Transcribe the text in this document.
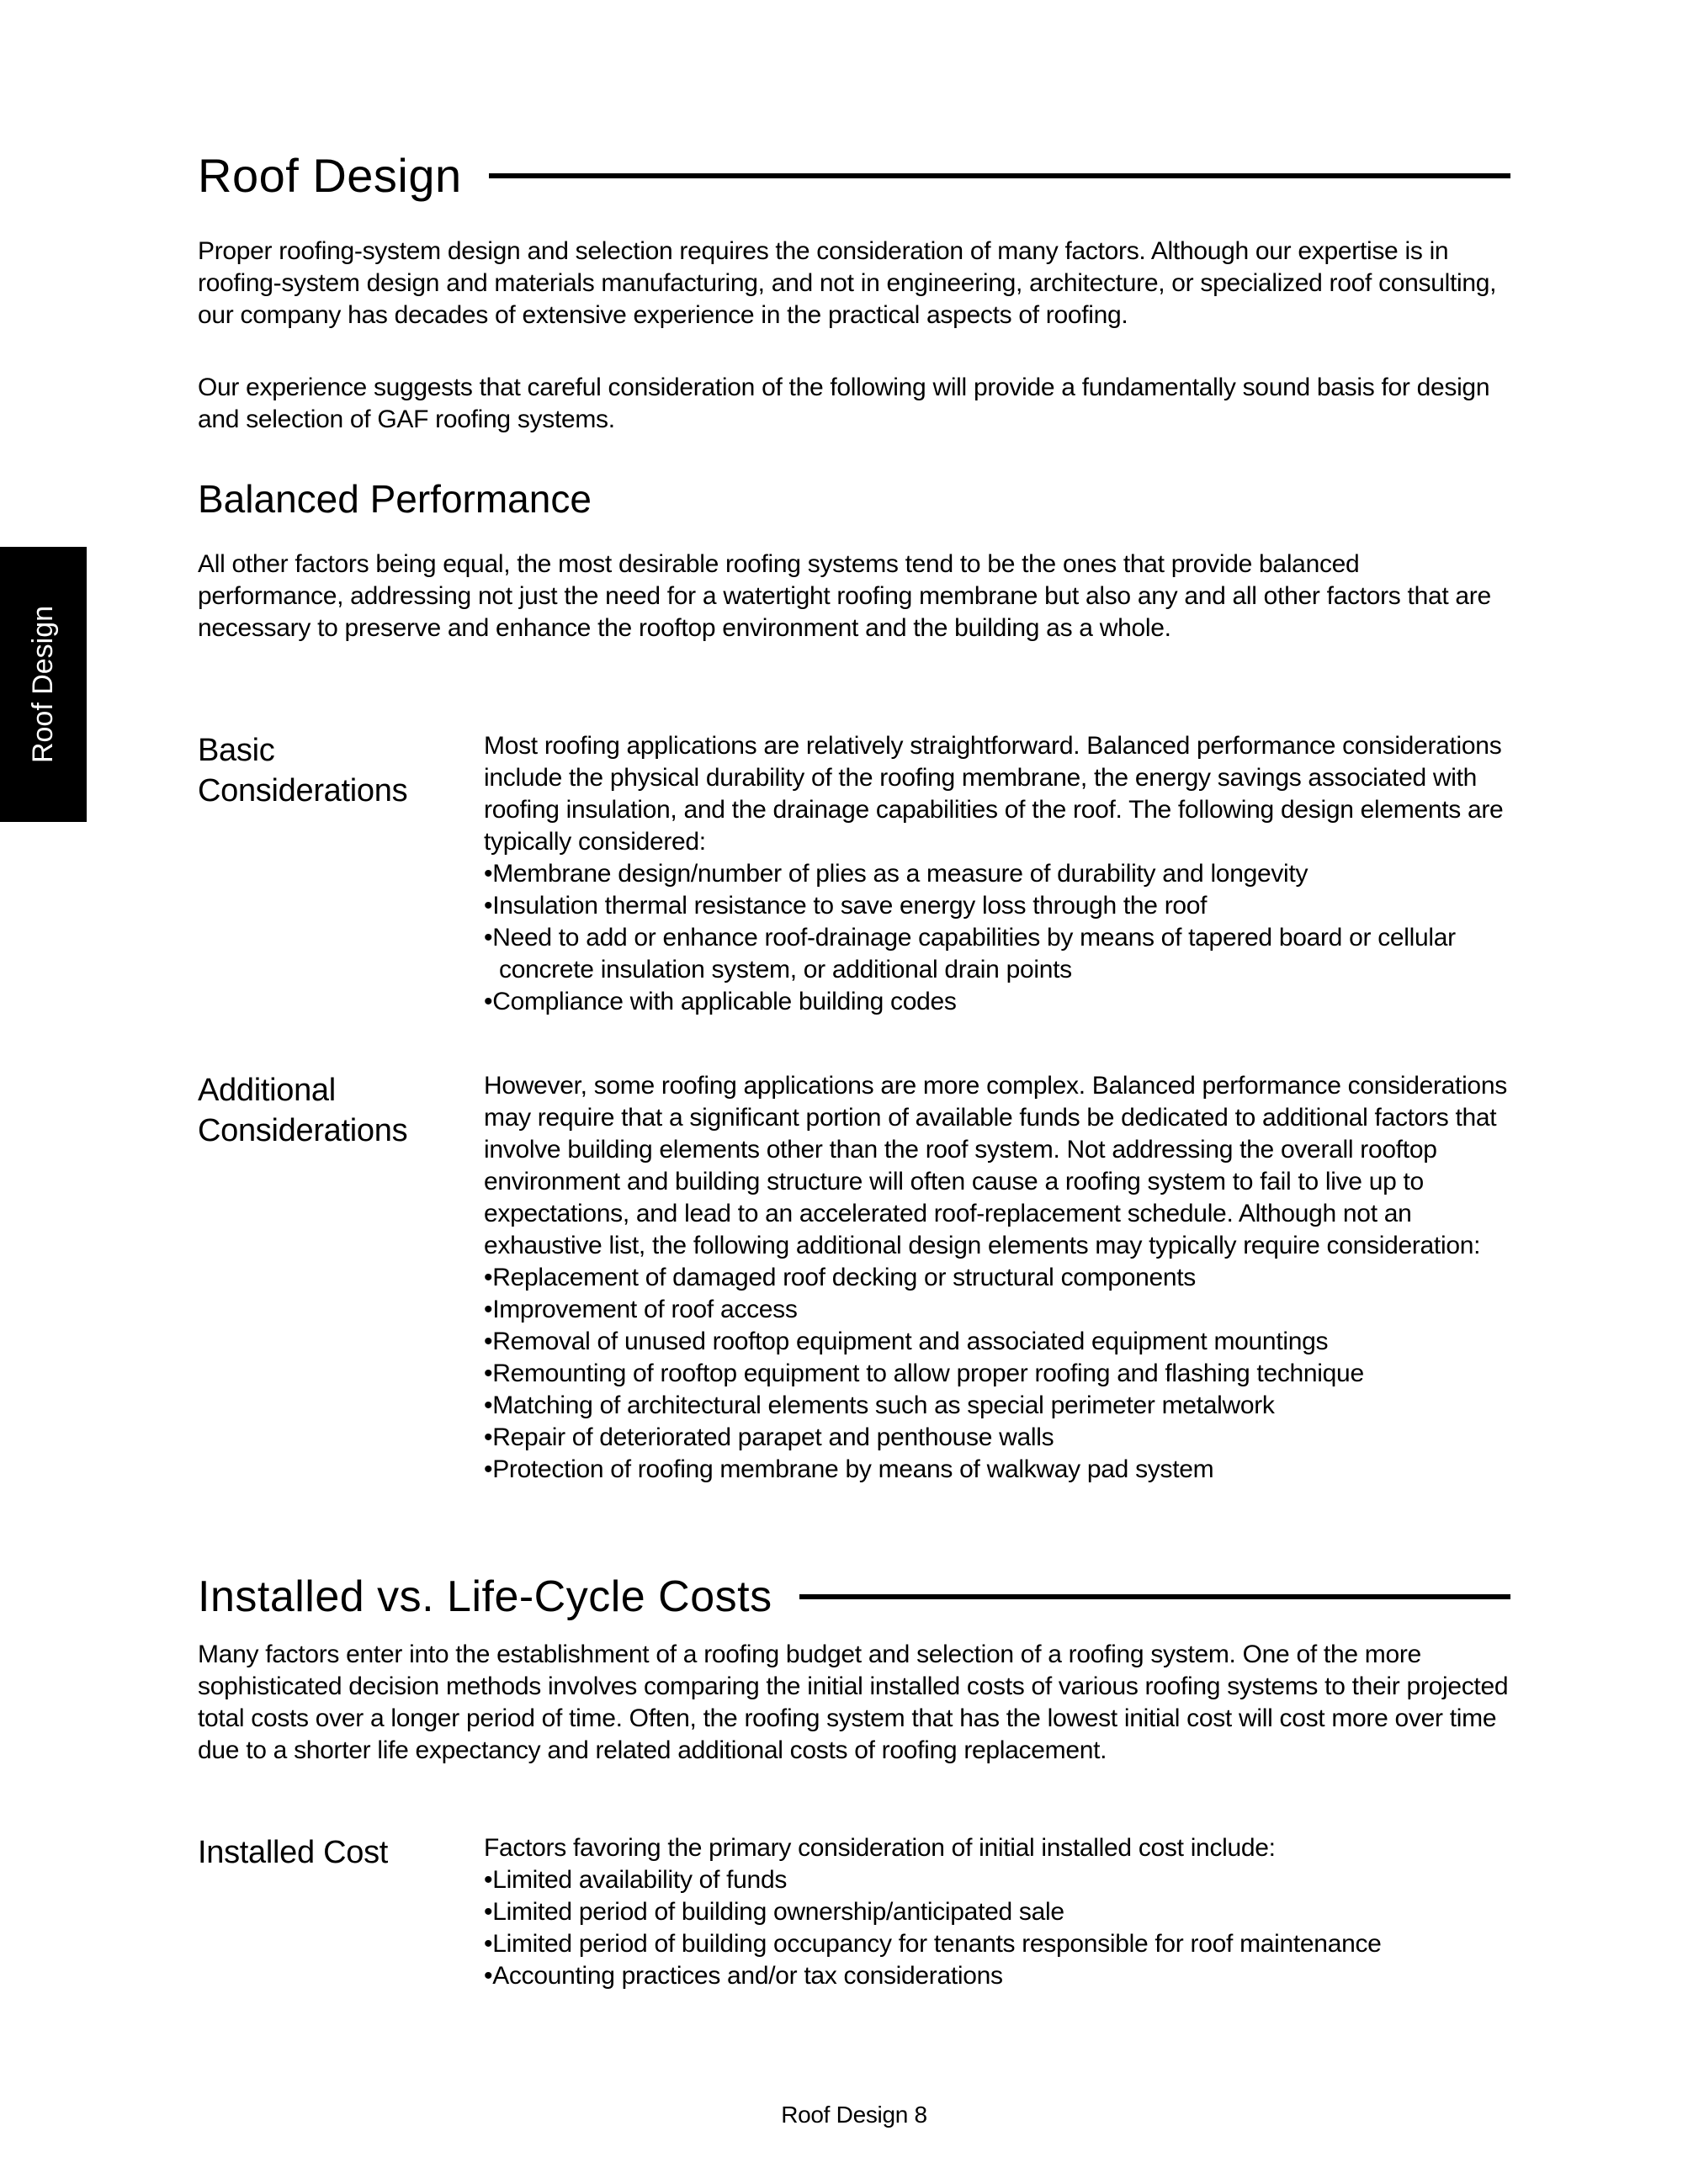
Roof Design
Roof Design

Proper roofing-system design and selection requires the consideration of many factors. Although our expertise is in roofing-system design and materials manufacturing, and not in engineering, architecture, or specialized roof consulting, our company has decades of extensive experience in the practical aspects of roofing.

Our experience suggests that careful consideration of the following will provide a fundamentally sound basis for design and selection of GAF roofing systems.

Balanced Performance

All other factors being equal, the most desirable roofing systems tend to be the ones that provide balanced performance, addressing not just the need for a watertight roofing membrane but also any and all other factors that are necessary to preserve and enhance the rooftop environment and the building as a whole.

Basic Considerations

Most roofing applications are relatively straightforward. Balanced performance considerations include the physical durability of the roofing membrane, the energy savings associated with roofing insulation, and the drainage capabilities of the roof. The following design elements are typically considered:

• Membrane design/number of plies as a measure of durability and longevity
• Insulation thermal resistance to save energy loss through the roof
• Need to add or enhance roof-drainage capabilities by means of tapered board or cellular concrete insulation system, or additional drain points
• Compliance with applicable building codes
Additional Considerations

However, some roofing applications are more complex. Balanced performance considerations may require that a significant portion of available funds be dedicated to additional factors that involve building elements other than the roof system. Not addressing the overall rooftop environment and building structure will often cause a roofing system to fail to live up to expectations, and lead to an accelerated roof-replacement schedule. Although not an exhaustive list, the following additional design elements may typically require consideration:

• Replacement of damaged roof decking or structural components
• Improvement of roof access
• Removal of unused rooftop equipment and associated equipment mountings
• Remounting of rooftop equipment to allow proper roofing and flashing technique
• Matching of architectural elements such as special perimeter metalwork
• Repair of deteriorated parapet and penthouse walls
• Protection of roofing membrane by means of walkway pad system
Installed vs. Life-Cycle Costs

Many factors enter into the establishment of a roofing budget and selection of a roofing system. One of the more sophisticated decision methods involves comparing the initial installed costs of various roofing systems to their projected total costs over a longer period of time. Often, the roofing system that has the lowest initial cost will cost more over time due to a shorter life expectancy and related additional costs of roofing replacement.

Installed Cost	Factors favoring the primary consideration of initial installed cost include:

• Limited availability of funds
• Limited period of building ownership/anticipated sale
• Limited period of building occupancy for tenants responsible for roof maintenance
• Accounting practices and/or tax considerations
Roof Design 8
